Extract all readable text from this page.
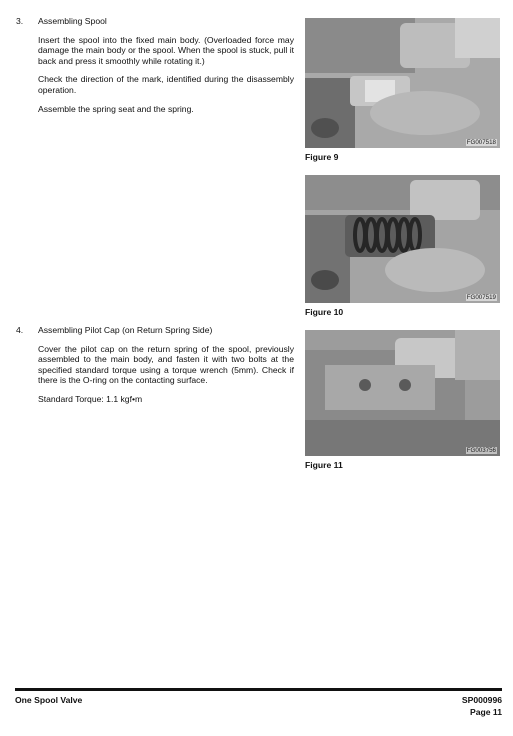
3.	Assembling Spool

Insert the spool into the fixed main body. (Overloaded force may damage the main body or the spool. When the spool is stuck, pull it back and press it smoothly while rotating it.)

Check the direction of the mark, identified during the disassembly operation.

Assemble the spring seat and the spring.

4.	Assembling Pilot Cap (on Return Spring Side)

Cover the pilot cap on the return spring of the spool, previously assembled to the main body, and fasten it with two bolts at the specified standard torque using a torque wrench (5mm). Check if there is the O-ring on the contacting surface.

Standard Torque: 1.1 kgf•m

FG007518
Figure 9
FG007519
Figure 10
FG003756
Figure 11
One Spool Valve	SP000996
Page 11
